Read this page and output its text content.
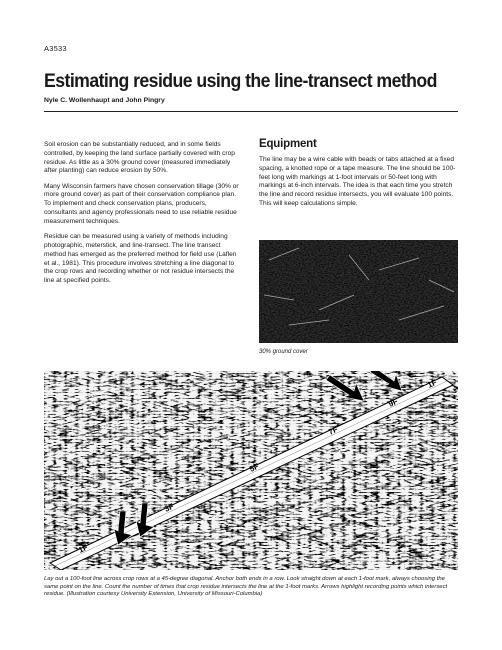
A3533
Estimating residue using the line-transect method
Nyle C. Wollenhaupt and John Pingry

Soil erosion can be substantially reduced, and in some fields controlled, by keeping the land surface partially covered with crop residue. As little as a 30% ground cover (measured immediately after planting) can reduce erosion by 50%.

Many Wisconsin farmers have chosen conservation tillage (30% or more ground cover) as part of their conservation compliance plan. To implement and check conservation plans, producers, consultants and agency professionals need to use reliable residue measurement techniques.

Residue can be measured using a variety of methods including photographic, meterstick, and line-transect. The line transect method has emerged as the preferred method for field use (Laflen et al., 1981). This procedure involves stretching a line diagonal to the crop rows and recording whether or not residue intersects the line at specified points.

Equipment

The line may be a wire cable with beads or tabs attached at a fixed spacing, a knotted rope or a tape measure. The line should be 100-feet long with markings at 1-foot intervals or 50-feet long with markings at 6-inch intervals. The idea is that each time you stretch the line and record residue intersects, you will evaluate 100 points. This will keep calculations simple.

30% ground cover
1F
3F
5F
7F
9F
1F
Lay out a 100-foot line across crop rows at a 45-degree diagonal. Anchor both ends in a row. Look straight down at each 1-foot mark, always choosing the same point on the line. Count the number of times that crop residue intersects the line at the 1-foot marks. Arrows highlight recording points which intersect residue. (Illustration courtesy University Extension, University of Missouri-Columbia)
